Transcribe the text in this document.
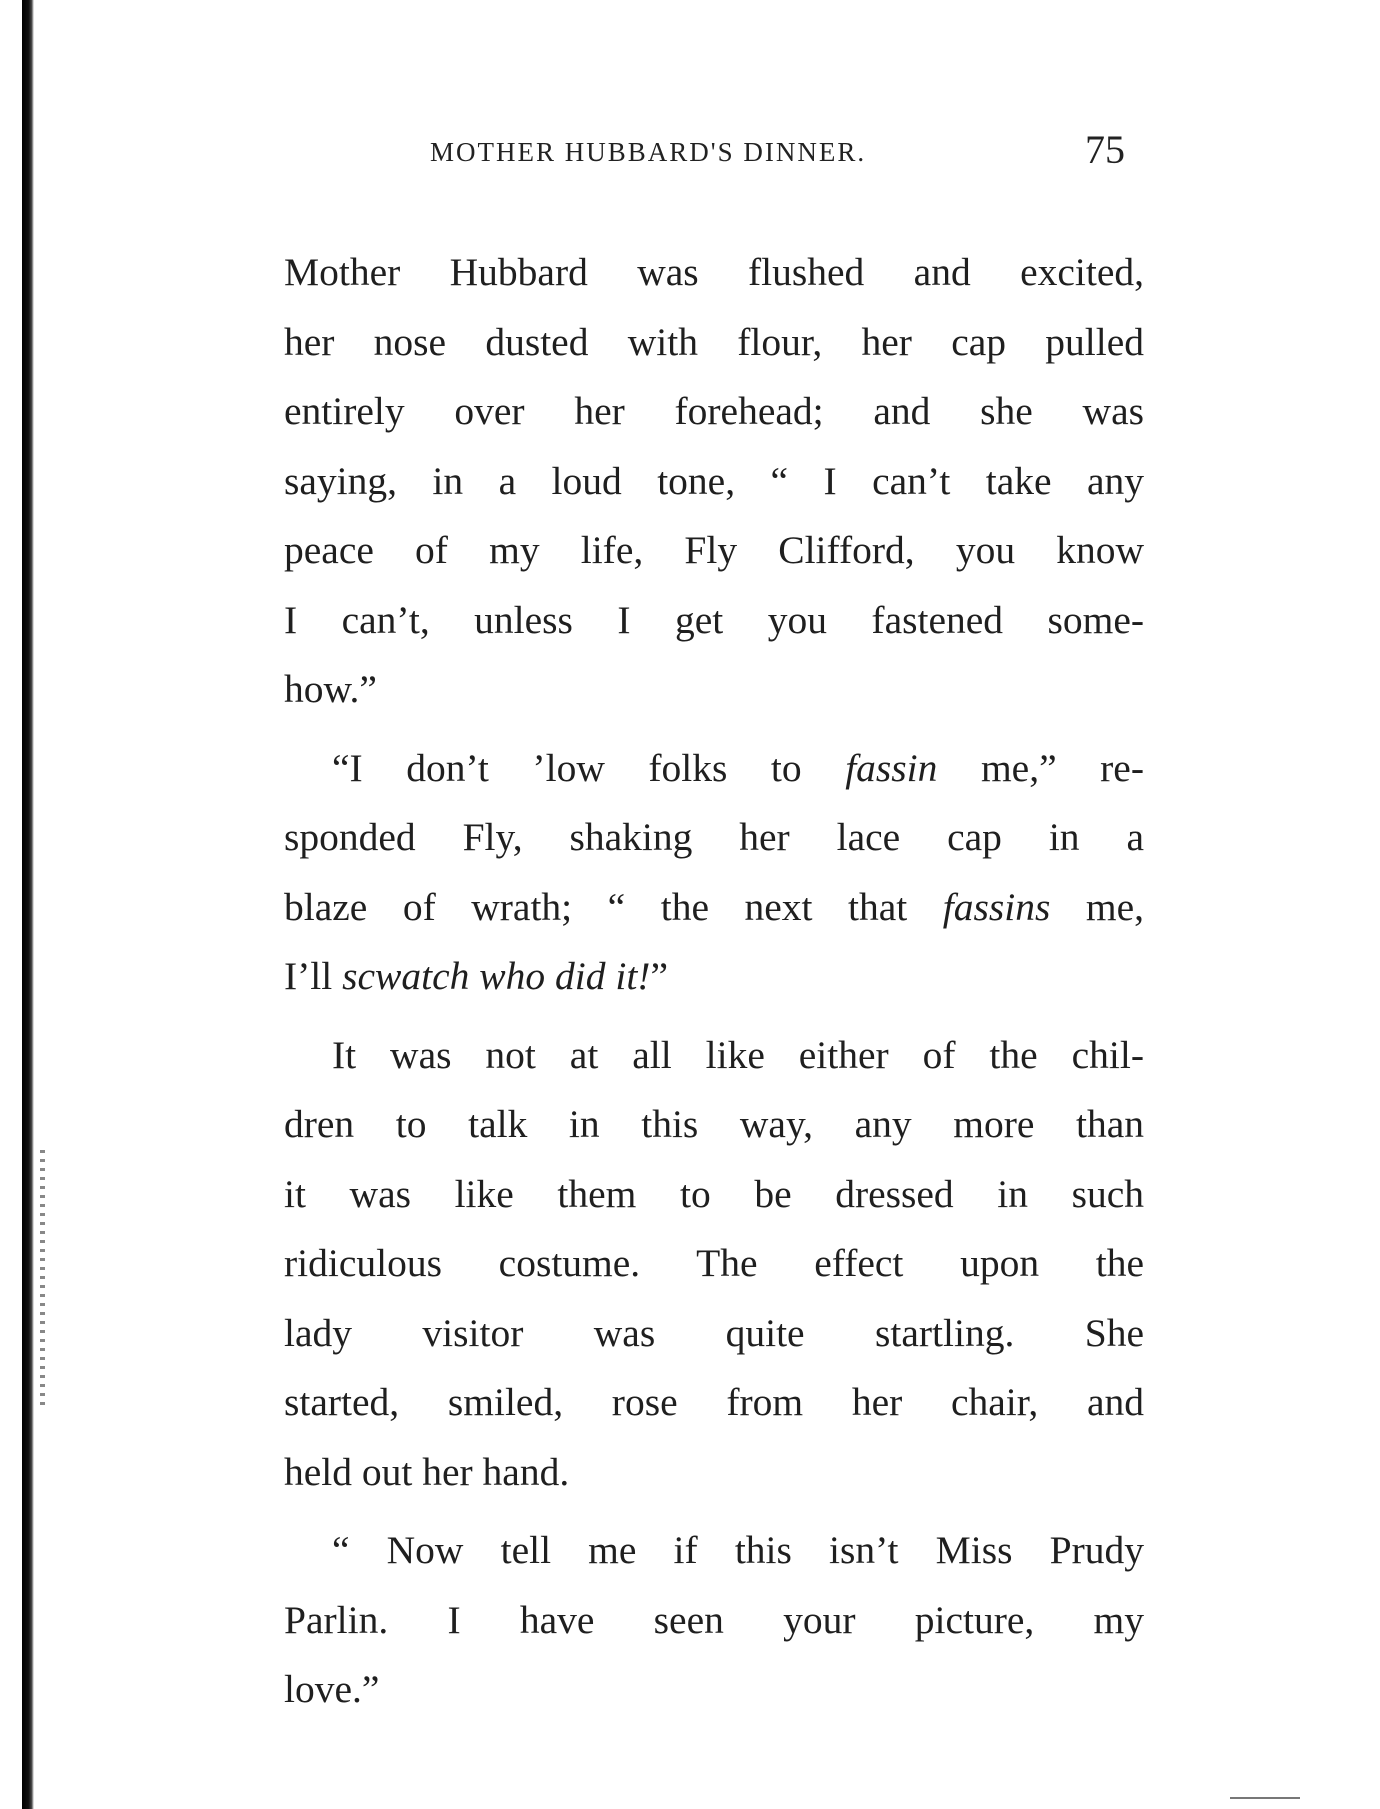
MOTHER HUBBARD'S DINNER.	75

Mother Hubbard was flushed and excited,
her nose dusted with flour, her cap pulled
entirely over her forehead; and she was
saying, in a loud tone, “ I can’t take any
peace of my life, Fly Clifford, you know
I can’t, unless I get you fastened some-
how.”

“I don’t ’low folks to fassin me,” re-
sponded Fly, shaking her lace cap in a
blaze of wrath; “ the next that fassins me,
I’ll scwatch who did it!”

It was not at all like either of the chil-
dren to talk in this way, any more than
it was like them to be dressed in such
ridiculous costume. The effect upon the
lady visitor was quite startling. She
started, smiled, rose from her chair, and
held out her hand.

“ Now tell me if this isn’t Miss Prudy
Parlin. I have seen your picture, my
love.”
